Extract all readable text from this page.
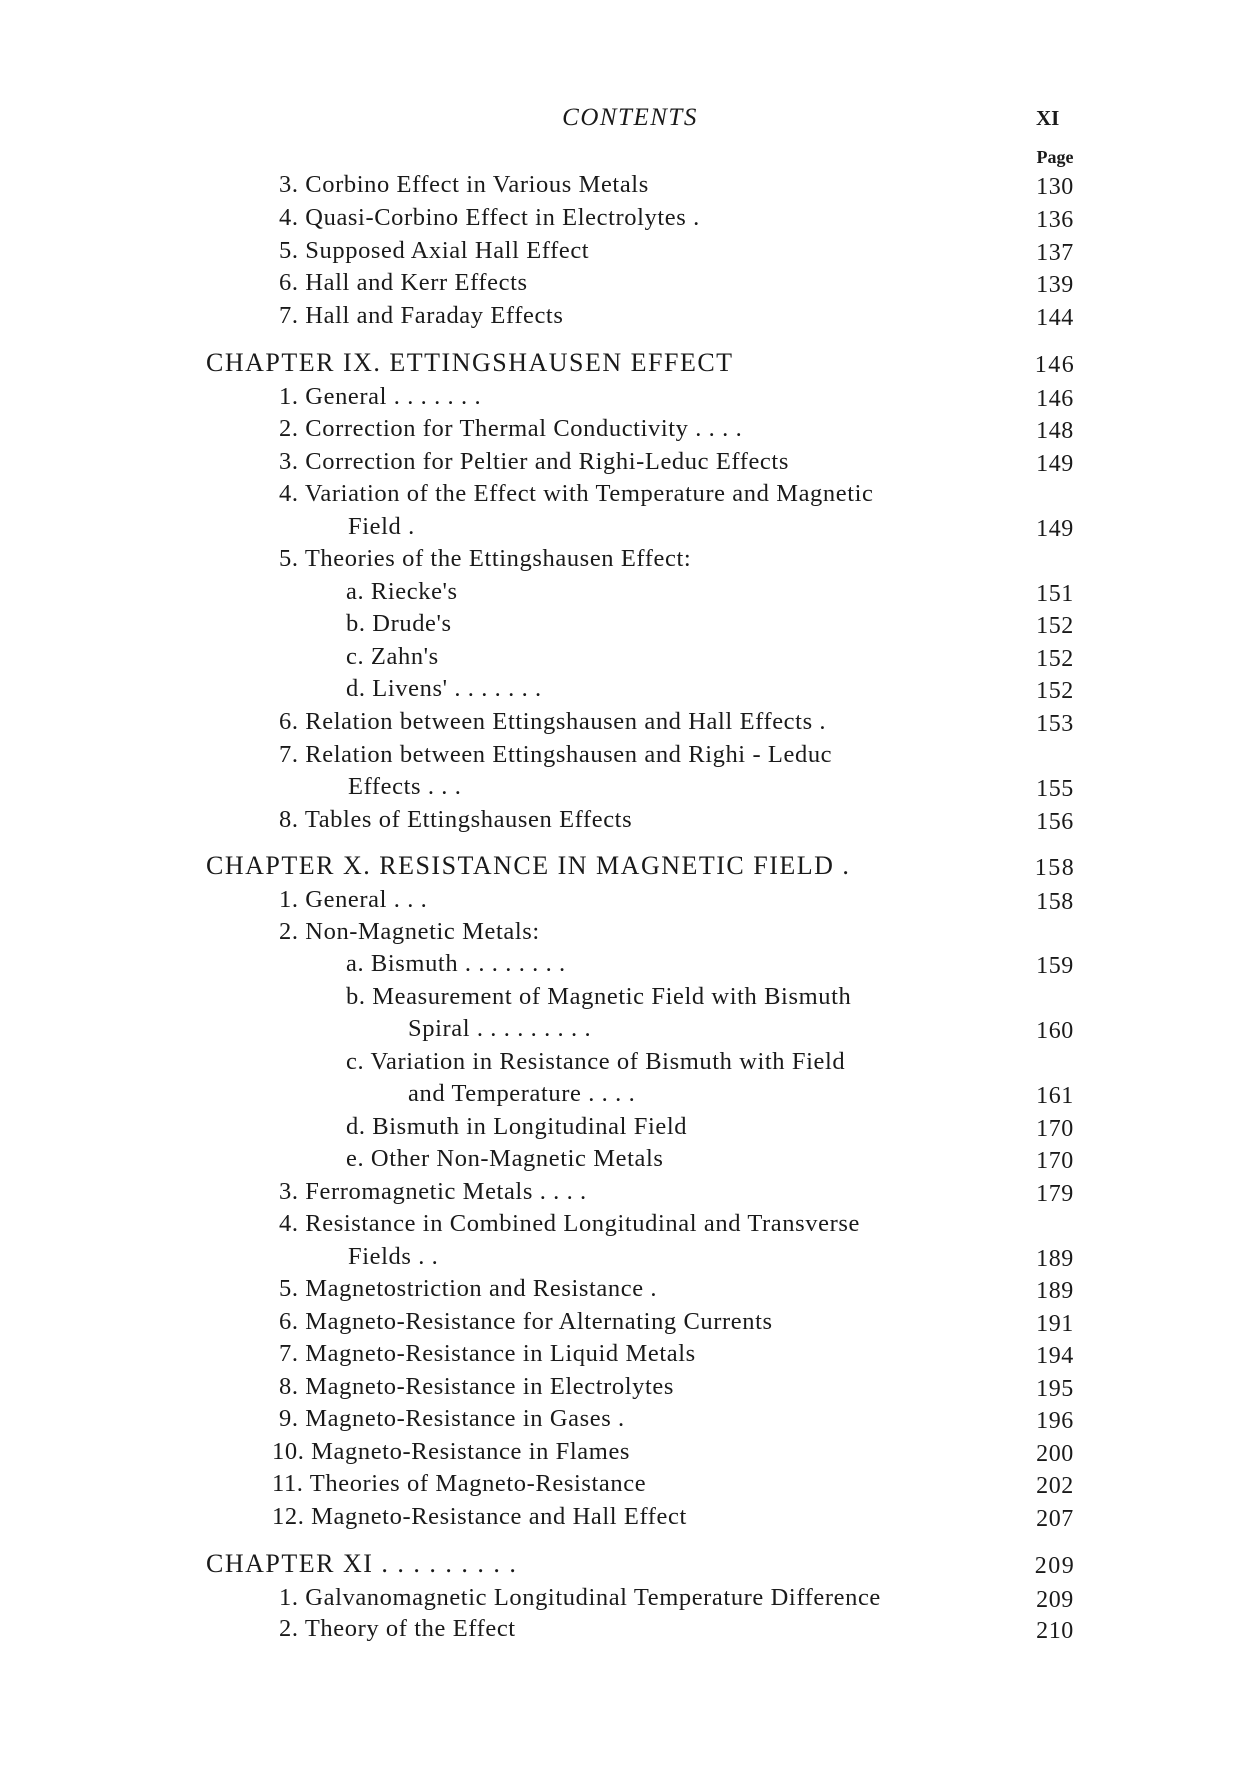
CONTENTS	XI
Page
3. Corbino Effect in Various Metals	130
4. Quasi-Corbino Effect in Electrolytes .	136
5. Supposed Axial Hall Effect	137
6. Hall and Kerr Effects	139
7. Hall and Faraday Effects	144
CHAPTER IX. ETTINGSHAUSEN EFFECT	146
1. General . . . . . . .	146
2. Correction for Thermal Conductivity . . . .	148
3. Correction for Peltier and Righi-Leduc Effects	149
4. Variation of the Effect with Temperature and Magnetic
Field .	149
5. Theories of the Ettingshausen Effect:
a. Riecke's	151
b. Drude's	152
c. Zahn's	152
d. Livens' . . . . . . .	152
6. Relation between Ettingshausen and Hall Effects .	153
7. Relation between Ettingshausen and Righi - Leduc
Effects . . .	155
8. Tables of Ettingshausen Effects	156
CHAPTER X. RESISTANCE IN MAGNETIC FIELD .	158
1. General . . .	158
2. Non-Magnetic Metals:
a. Bismuth . . . . . . . .	159
b. Measurement of Magnetic Field with Bismuth
Spiral . . . . . . . . .	160
c. Variation in Resistance of Bismuth with Field
and Temperature . . . .	161
d. Bismuth in Longitudinal Field	170
e. Other Non-Magnetic Metals	170
3. Ferromagnetic Metals . . . .	179
4. Resistance in Combined Longitudinal and Transverse
Fields . .	189
5. Magnetostriction and Resistance .	189
6. Magneto-Resistance for Alternating Currents	191
7. Magneto-Resistance in Liquid Metals	194
8. Magneto-Resistance in Electrolytes	195
9. Magneto-Resistance in Gases .	196
10. Magneto-Resistance in Flames	200
11. Theories of Magneto-Resistance	202
12. Magneto-Resistance and Hall Effect	207
CHAPTER XI . . . . . . . . .	209
1. Galvanomagnetic Longitudinal Temperature Difference	209
2. Theory of the Effect	210
